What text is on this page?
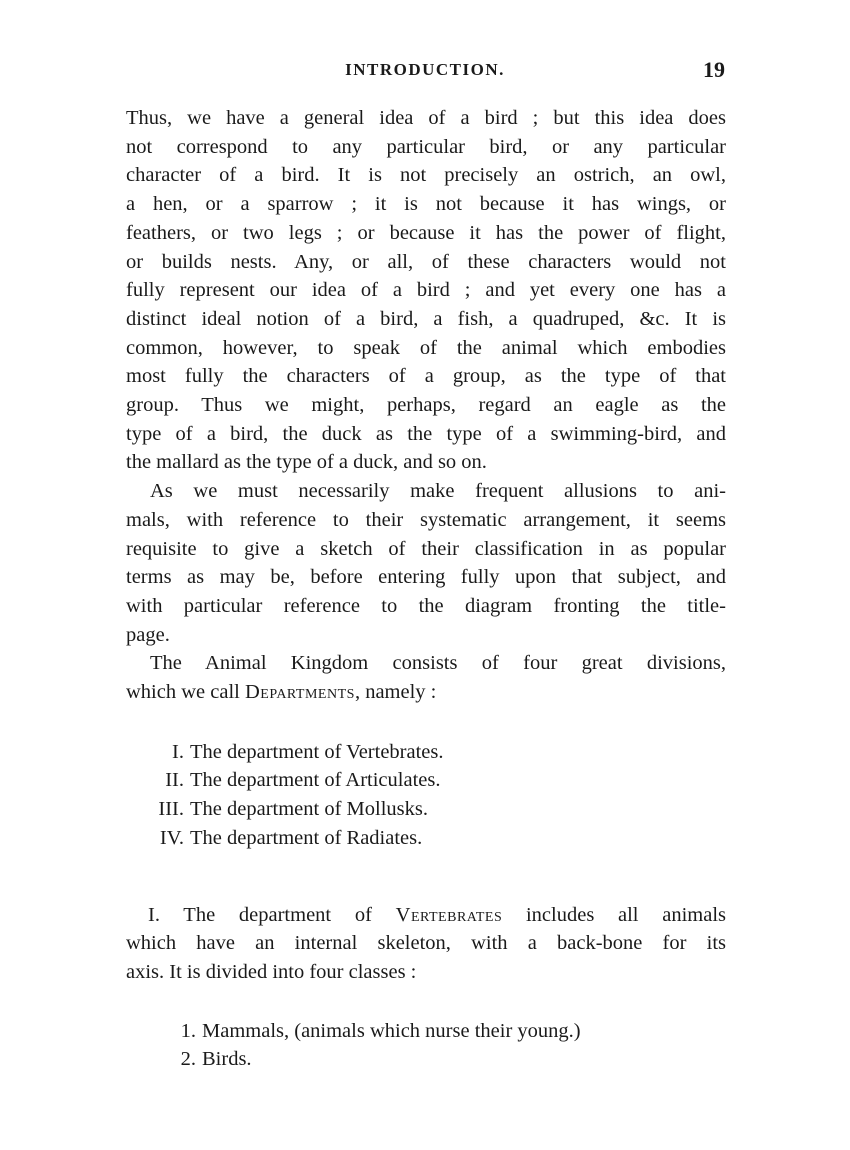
INTRODUCTION.	19

Thus, we have a general idea of a bird ; but this idea does
not correspond to any particular bird, or any particular
character of a bird. It is not precisely an ostrich, an owl,
a hen, or a sparrow ; it is not because it has wings, or
feathers, or two legs ; or because it has the power of flight,
or builds nests. Any, or all, of these characters would not
fully represent our idea of a bird ; and yet every one has a
distinct ideal notion of a bird, a fish, a quadruped, &c. It is
common, however, to speak of the animal which embodies
most fully the characters of a group, as the type of that
group. Thus we might, perhaps, regard an eagle as the
type of a bird, the duck as the type of a swimming-bird, and
the mallard as the type of a duck, and so on.

As we must necessarily make frequent allusions to ani-
mals, with reference to their systematic arrangement, it seems
requisite to give a sketch of their classification in as popular
terms as may be, before entering fully upon that subject, and
with particular reference to the diagram fronting the title-
page.

The Animal Kingdom consists of four great divisions,
which we call Departments, namely :

I. The department of Vertebrates.
II. The department of Articulates.
III. The department of Mollusks.
IV. The department of Radiates.

I. The department of Vertebrates includes all animals
which have an internal skeleton, with a back-bone for its
axis. It is divided into four classes :

1. Mammals, (animals which nurse their young.)
2. Birds.
